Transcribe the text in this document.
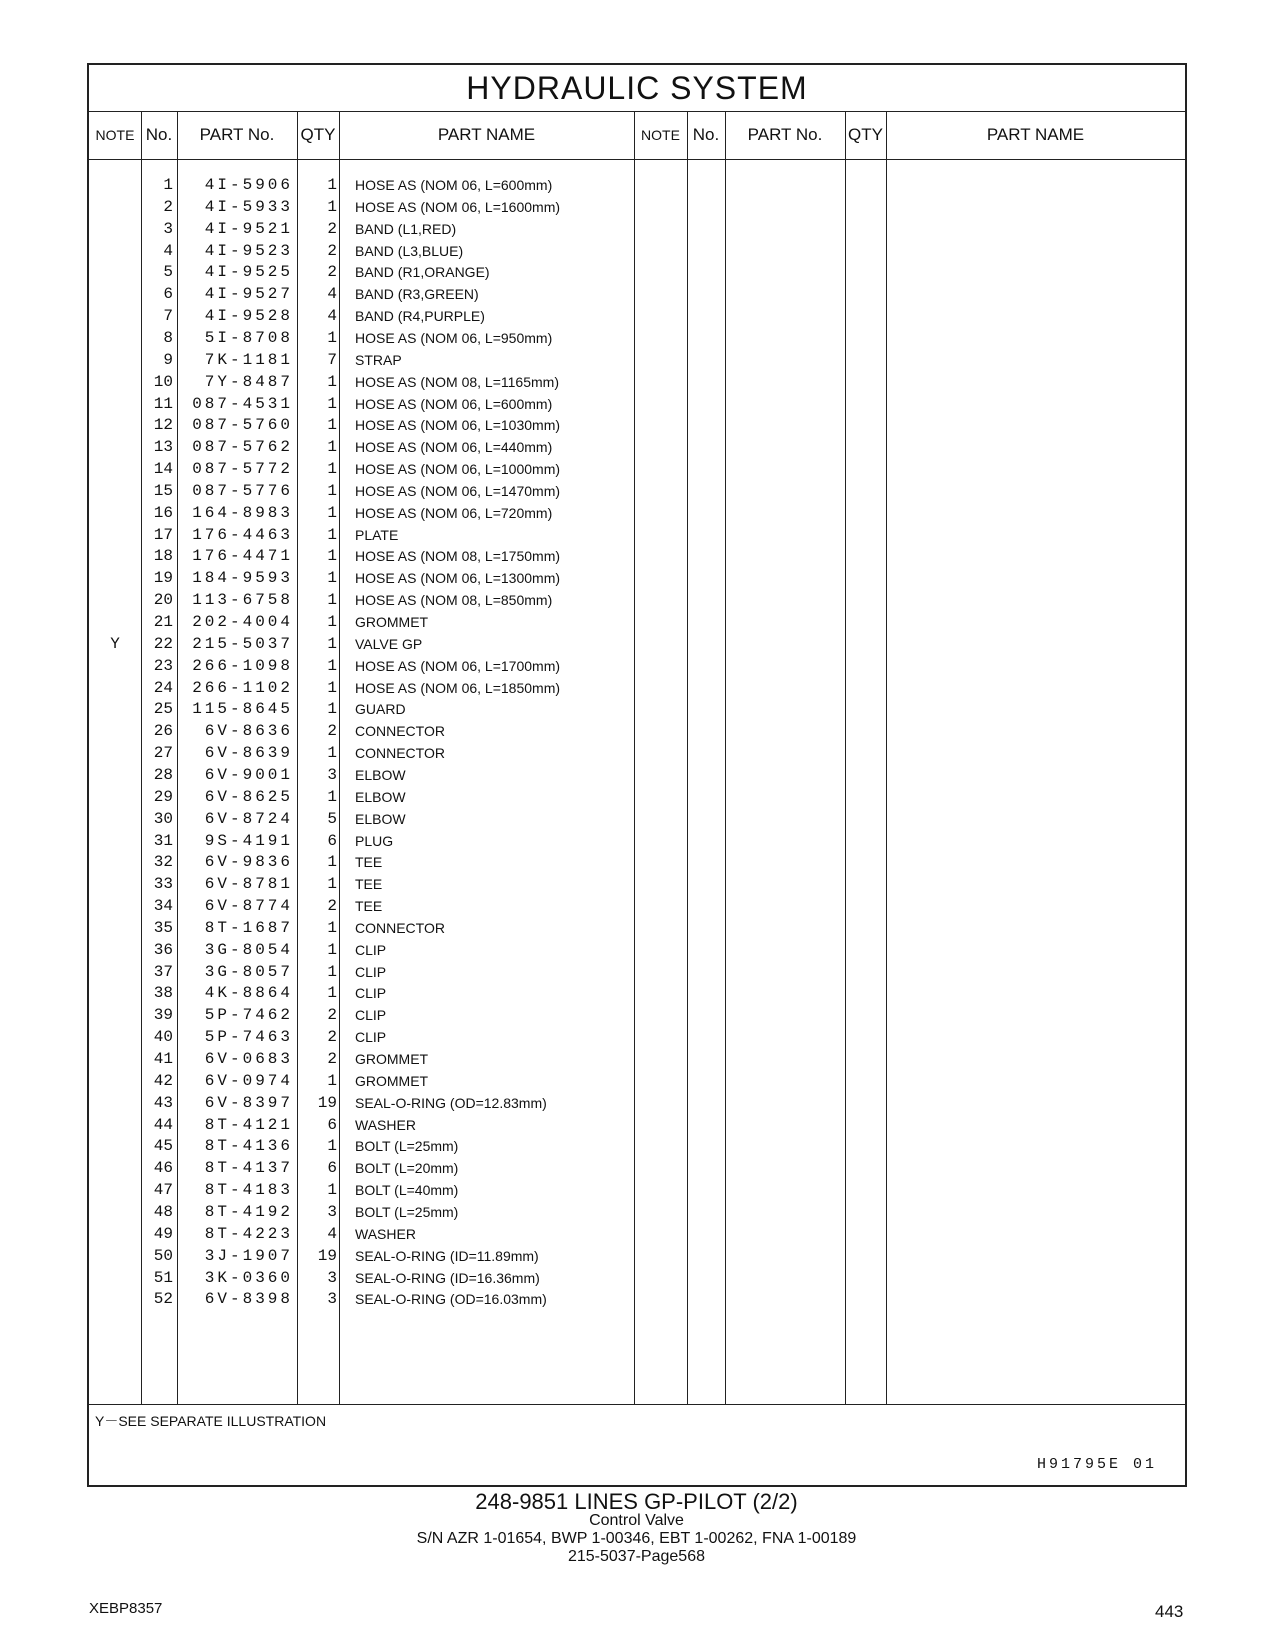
HYDRAULIC SYSTEM
NOTE No.	PART No.	QTY	PART NAME	NOTE No.	PART No.	QTY	PART NAME
1	4I-5906	1 HOSE AS (NOM 06, L=600mm)
2	4I-5933	1 HOSE AS (NOM 06, L=1600mm)
3	4I-9521	2 BAND (L1,RED)
4	4I-9523	2 BAND (L3,BLUE)
5	4I-9525	2 BAND (R1,ORANGE)
6	4I-9527	4 BAND (R3,GREEN)
7	4I-9528	4 BAND (R4,PURPLE)
8	5I-8708	1 HOSE AS (NOM 06, L=950mm)
9	7K-1181	7 STRAP
10	7Y-8487	1 HOSE AS (NOM 08, L=1165mm)
11	087-4531	1 HOSE AS (NOM 06, L=600mm)
12	087-5760	1 HOSE AS (NOM 06, L=1030mm)
13	087-5762	1 HOSE AS (NOM 06, L=440mm)
14	087-5772	1 HOSE AS (NOM 06, L=1000mm)
15	087-5776	1 HOSE AS (NOM 06, L=1470mm)
16	164-8983	1 HOSE AS (NOM 06, L=720mm)
17	176-4463	1 PLATE
18	176-4471	1 HOSE AS (NOM 08, L=1750mm)
19	184-9593	1 HOSE AS (NOM 06, L=1300mm)
20	113-6758	1 HOSE AS (NOM 08, L=850mm)
21	202-4004	1 GROMMET
Y	22	215-5037	1 VALVE GP
23	266-1098	1 HOSE AS (NOM 06, L=1700mm)
24	266-1102	1 HOSE AS (NOM 06, L=1850mm)
25	115-8645	1 GUARD
26	6V-8636	2 CONNECTOR
27	6V-8639	1 CONNECTOR
28	6V-9001	3 ELBOW
29	6V-8625	1 ELBOW
30	6V-8724	5 ELBOW
31	9S-4191	6 PLUG
32	6V-9836	1 TEE
33	6V-8781	1 TEE
34	6V-8774	2 TEE
35	8T-1687	1 CONNECTOR
36	3G-8054	1 CLIP
37	3G-8057	1 CLIP
38	4K-8864	1 CLIP
39	5P-7462	2 CLIP
40	5P-7463	2 CLIP
41	6V-0683	2 GROMMET
42	6V-0974	1 GROMMET
43	6V-8397	19 SEAL-O-RING (OD=12.83mm)
44	8T-4121	6 WASHER
45	8T-4136	1 BOLT (L=25mm)
46	8T-4137	6 BOLT (L=20mm)
47	8T-4183	1 BOLT (L=40mm)
48	8T-4192	3 BOLT (L=25mm)
49	8T-4223	4 WASHER
50	3J-1907	19 SEAL-O-RING (ID=11.89mm)
51	3K-0360	3 SEAL-O-RING (ID=16.36mm)
52	6V-8398	3 SEAL-O-RING (OD=16.03mm)
Y－SEE SEPARATE ILLUSTRATION
H91795E 01
248-9851 LINES GP-PILOT (2/2)
Control Valve
S/N AZR 1-01654, BWP 1-00346, EBT 1-00262, FNA 1-00189
215-5037-Page568
XEBP8357	443
